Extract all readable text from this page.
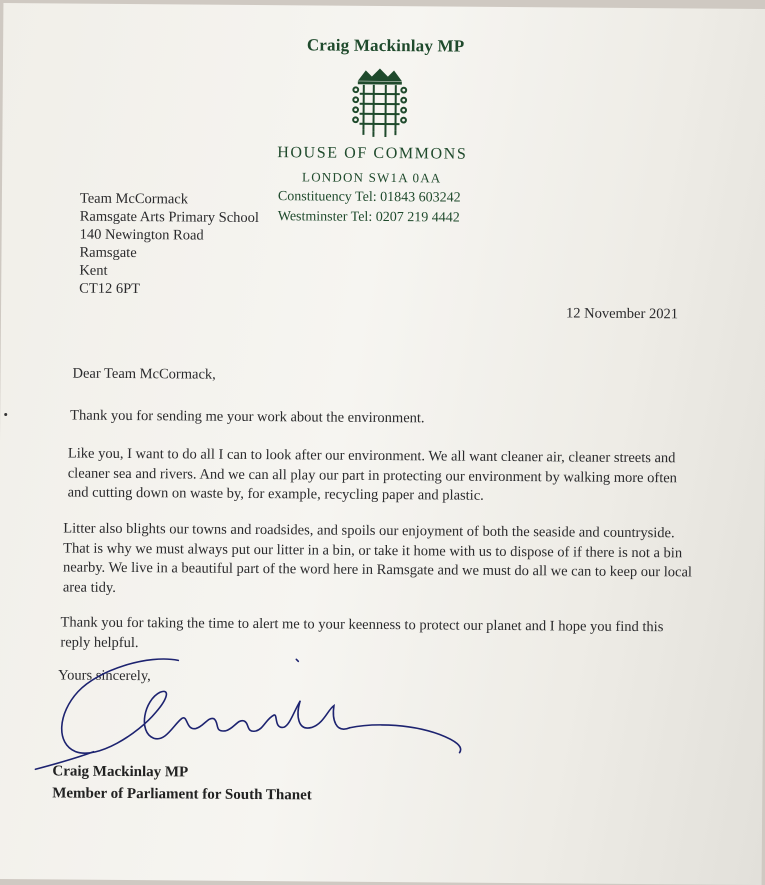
Craig Mackinlay MP
HOUSE OF COMMONS
LONDON SW1A 0AA
Constituency Tel: 01843 603242
Westminster Tel: 0207 219 4442
Team McCormack
Ramsgate Arts Primary School
140 Newington Road
Ramsgate
Kent
CT12 6PT
12 November 2021
Dear Team McCormack,
Thank you for sending me your work about the environment.
Like you, I want to do all I can to look after our environment. We all want cleaner air, cleaner streets and cleaner sea and rivers. And we can all play our part in protecting our environment by walking more often and cutting down on waste by, for example, recycling paper and plastic.
Litter also blights our towns and roadsides, and spoils our enjoyment of both the seaside and countryside. That is why we must always put our litter in a bin, or take it home with us to dispose of if there is not a bin nearby. We live in a beautiful part of the word here in Ramsgate and we must do all we can to keep our local area tidy.
Thank you for taking the time to alert me to your keenness to protect our planet and I hope you find this reply helpful.
Yours sincerely,
Craig Mackinlay MP
Member of Parliament for South Thanet
